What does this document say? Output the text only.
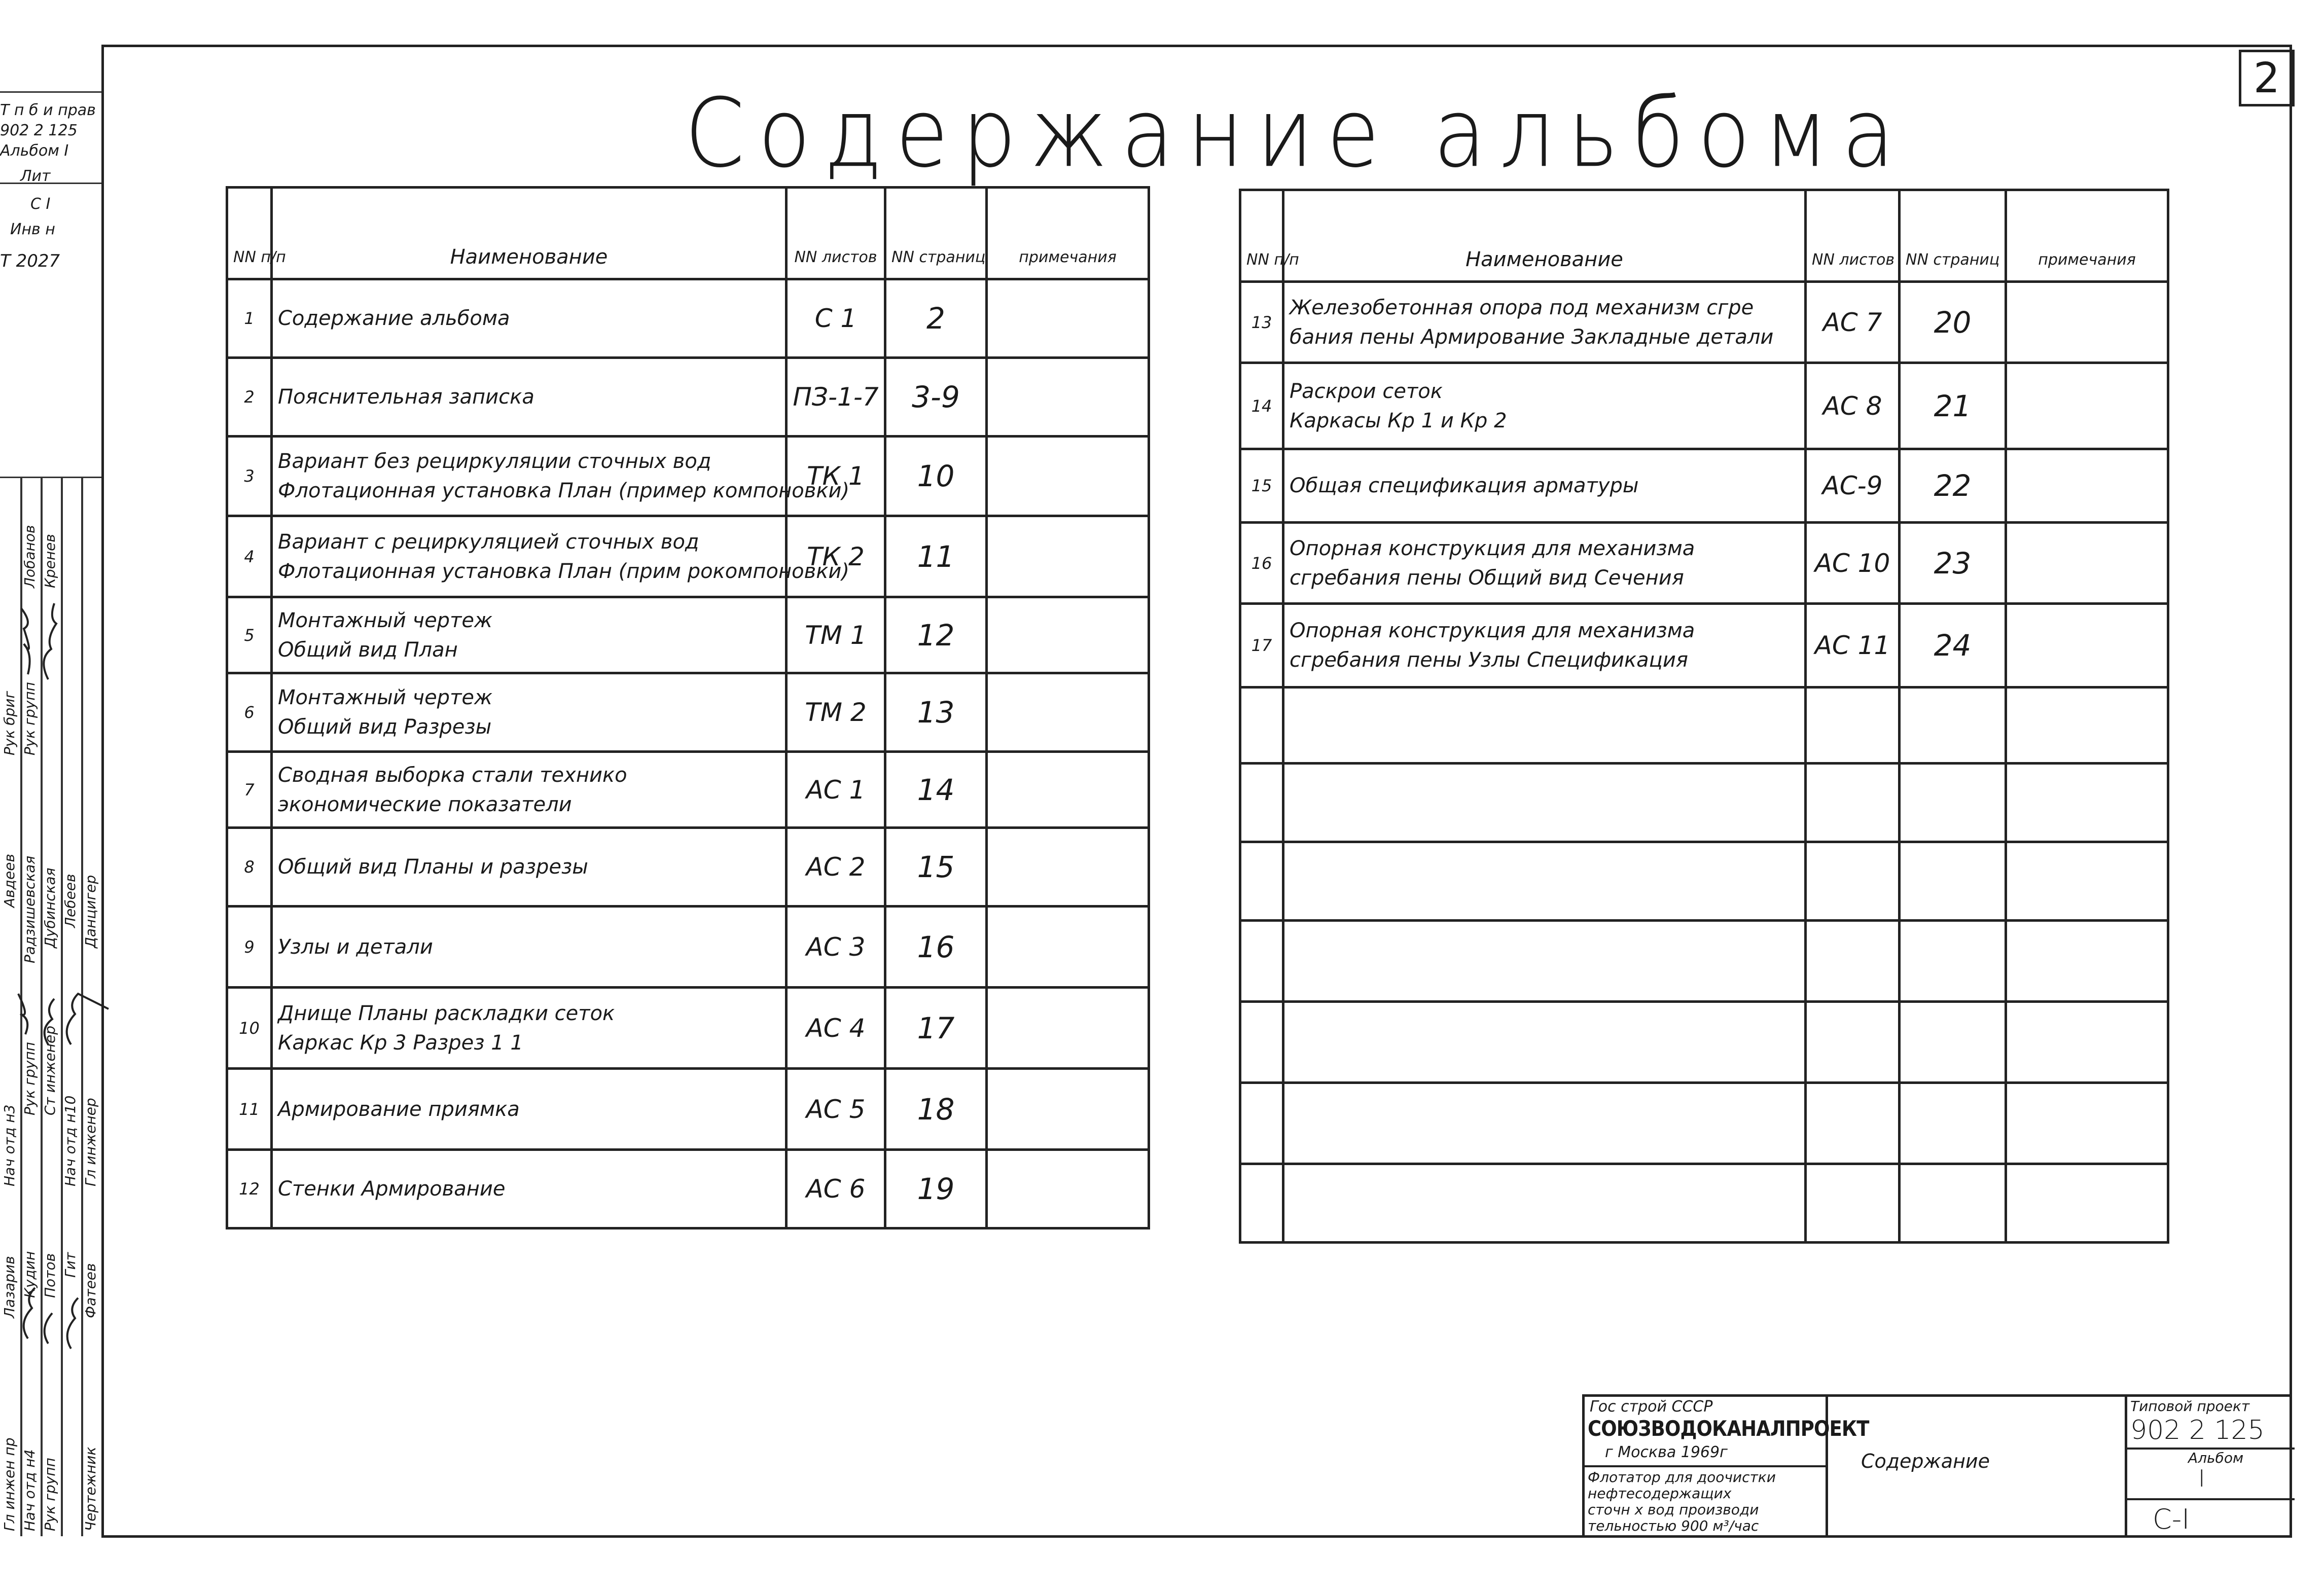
2
Содержание альбома
Т п б и прав
902 2 125
Альбом I
Лит
С I
Инв н
Т 2027
Рук бриг Рук групп
Гл инжен пр
Нач отд н3
Рук групп Ст инженер
Нач отд н10 Гл инженер
Нач отд н4 Рук групп Чертежник
Лобанов Кренев
Авдеев Радзишевская Дубинская Лебеев Данцигер
Лазарив Кудин Потов Гит Фатеев
NN п/п	Наименование	NN листов	NN страниц	примечания
1	Содержание альбома	С 1	2	
2	Пояснительная записка	ПЗ-1-7	3-9	
3	Вариант без рециркуляции сточных вод
Флотационная установка План (пример компоновки)	ТК 1	10	
4	Вариант с рециркуляцией сточных вод
Флотационная установка План (прим рокомпоновки)	ТК 2	11	
5	Монтажный чертеж
Общий вид План	ТМ 1	12	
6	Монтажный чертеж
Общий вид Разрезы	ТМ 2	13	
7	Сводная выборка стали технико
экономические показатели	АС 1	14	
8	Общий вид Планы и разрезы	АС 2	15	
9	Узлы и детали	АС 3	16	
10	Днище Планы раскладки сеток
Каркас Кр 3 Разрез 1 1	АС 4	17	
11	Армирование приямка	АС 5	18	
12	Стенки Армирование	АС 6	19	
NN п/п	Наименование	NN листов	NN страниц	примечания
13	Железобетонная опора под механизм сгре
бания пены Армирование Закладные детали	АС 7	20	
14	Раскрои сеток
Каркасы Кр 1 и Кр 2	АС 8	21	
15	Общая спецификация арматуры	АС-9	22	
16	Опорная конструкция для механизма
сгребания пены Общий вид Сечения	АС 10	23	
17	Опорная конструкция для механизма
сгребания пены Узлы Спецификация	АС 11	24	

Гос строй СССР
СОЮЗВОДОКАНАЛПРОЕКТ
г Москва 1969г
Флотатор для доочистки
нефтесодержащих
сточн х вод производи
тельностью 900 м³/час
Содержание
Типовой проект
902 2 125
Альбом
I
С-I
